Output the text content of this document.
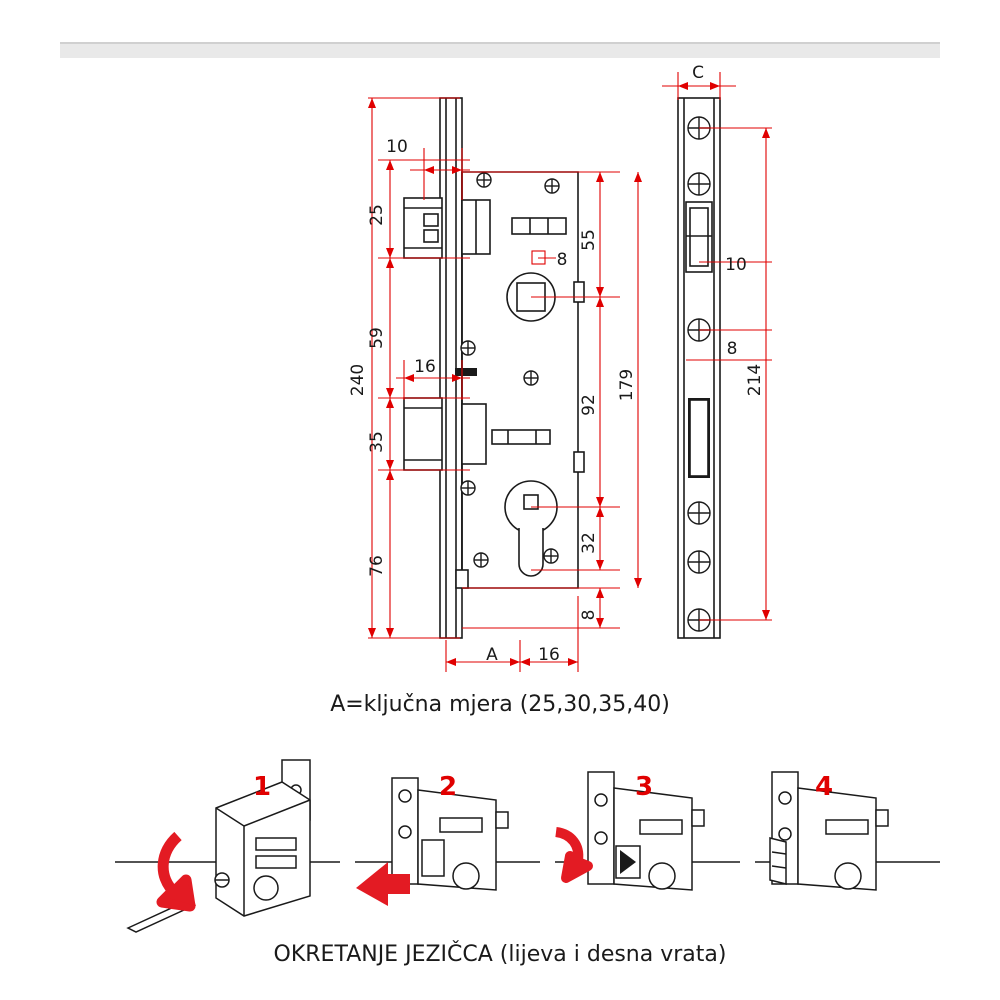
240
25
59
35
76
10
16
55
92
32
8
179
8
A 16
C
10
8
214
1	2	3	4
A=ključna mjera (25,30,35,40)
OKRETANJE JEZIČCA (lijeva i desna vrata)
